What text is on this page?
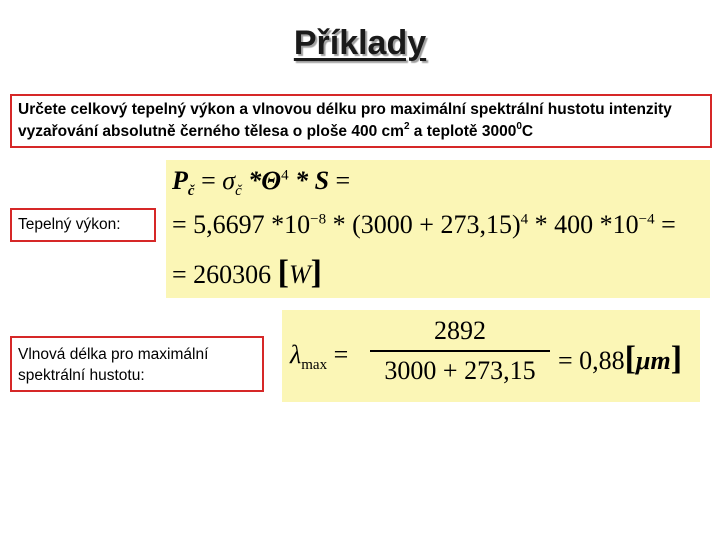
Příklady
Určete celkový tepelný výkon a vlnovou délku pro maximální spektrální hustotu intenzity vyzařování absolutně černého tělesa o ploše 400 $cm^2$ a teplotě 3000$^0$C
$P_č = \sigma_č$ $*\Theta^4$ * S =
= 5,6697 $*10^{-8} * (3000 + 273,15)^4 * 400$ $*10^{-4}$ =
= 260306 [W]
Tepelný výkon:
Vlnová délka pro maximální spektrální hustotu:
$\lambda_{max}$ =
2892
3000 + 273,15 = 0,88[μm]
